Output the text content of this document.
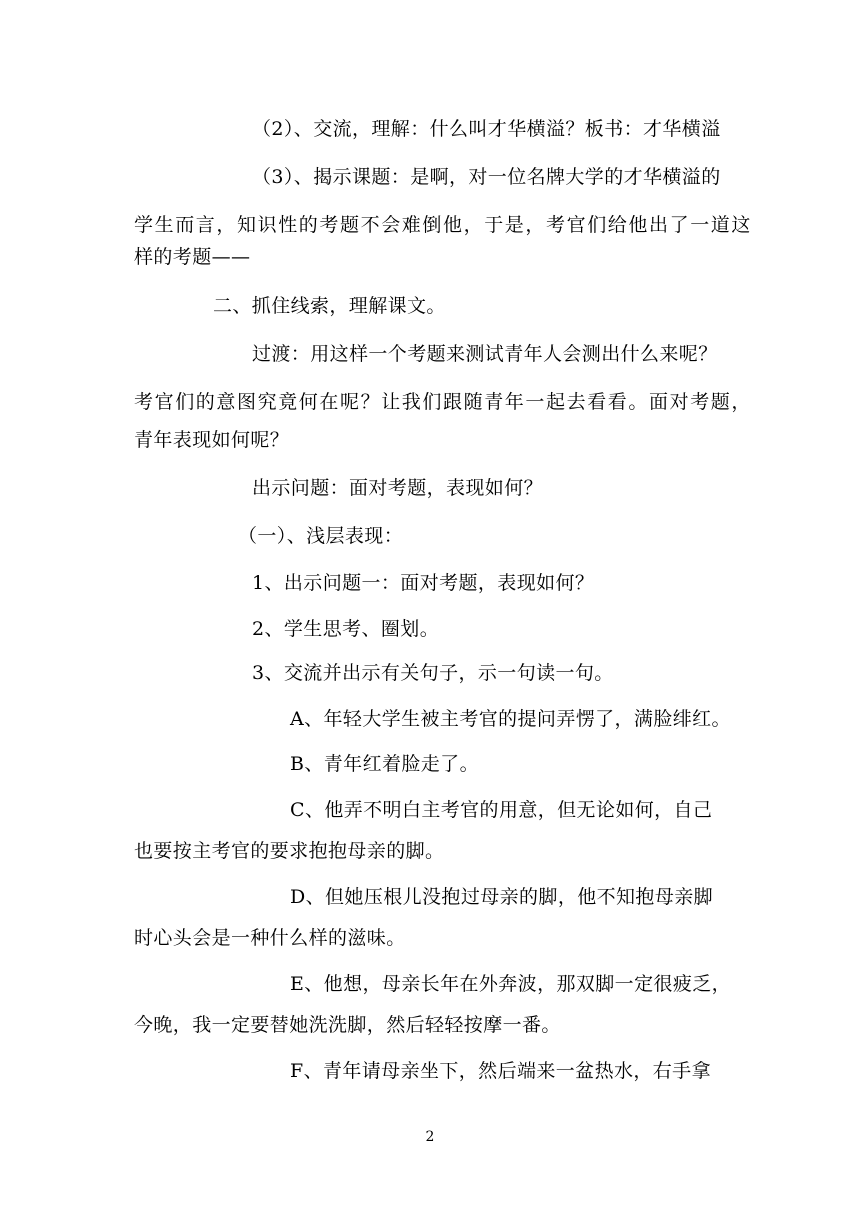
（2）、交流，理解：什么叫才华横溢？板书：才华横溢
（3）、揭示课题：是啊，对一位名牌大学的才华横溢的
学生而言，知识性的考题不会难倒他，于是，考官们给他出了一道这
样的考题——
二、抓住线索，理解课文。
过渡：用这样一个考题来测试青年人会测出什么来呢？
考官们的意图究竟何在呢？让我们跟随青年一起去看看。面对考题，
青年表现如何呢？
出示问题：面对考题，表现如何？
（一）、浅层表现：
1、出示问题一：面对考题，表现如何？
2、学生思考、圈划。
3、交流并出示有关句子，示一句读一句。
A、年轻大学生被主考官的提问弄愣了，满脸绯红。
B、青年红着脸走了。
C、他弄不明白主考官的用意，但无论如何，自己
也要按主考官的要求抱抱母亲的脚。
D、但她压根儿没抱过母亲的脚，他不知抱母亲脚
时心头会是一种什么样的滋味。
E、他想，母亲长年在外奔波，那双脚一定很疲乏，
今晚，我一定要替她洗洗脚，然后轻轻按摩一番。
F、青年请母亲坐下，然后端来一盆热水，右手拿
2
